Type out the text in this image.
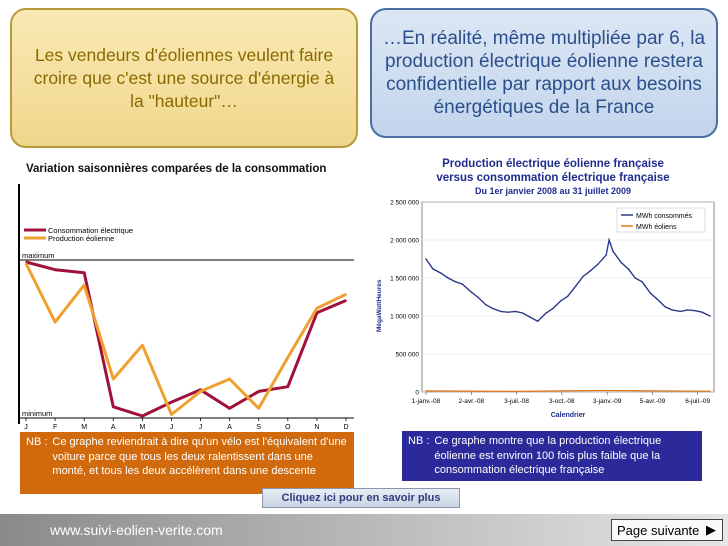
Les vendeurs d'éoliennes veulent faire croire que c'est une source d'énergie à la "hauteur"…
…En réalité, même multipliée par 6, la production électrique éolienne restera confidentielle par rapport aux besoins énergétiques de la France
Variation saisonnières comparées de la consommation
maximum
minimum
Consommation électrique
Production éolienne
J	F	M	A	M	J	J	A	S	O	N	D
Production électrique éolienne française
versus consommation électrique française
Du 1er janvier 2008 au 31 juillet 2009
0
500 000
1 000 000
1 500 000
2 000 000
2 500 000
1-janv.-08	2-avr.-08	3-juil.-08	3-oct.-08	3-janv.-09	5-avr.-09	6-juil.-09
MégaWattHeures
Calendrier
MWh consommés
MWh éoliens
NB : Ce graphe reviendrait à dire qu'un vélo est l'équivalent d'une voiture parce que tous les deux ralentissent dans une monté, et tous les deux accélèrent dans une descente
NB : Ce graphe montre que la production électrique éolienne est environ 100 fois plus faible que la consommation électrique française
Cliquez ici pour en savoir plus
www.suivi-eolien-verite.com	Page suivante ▶
